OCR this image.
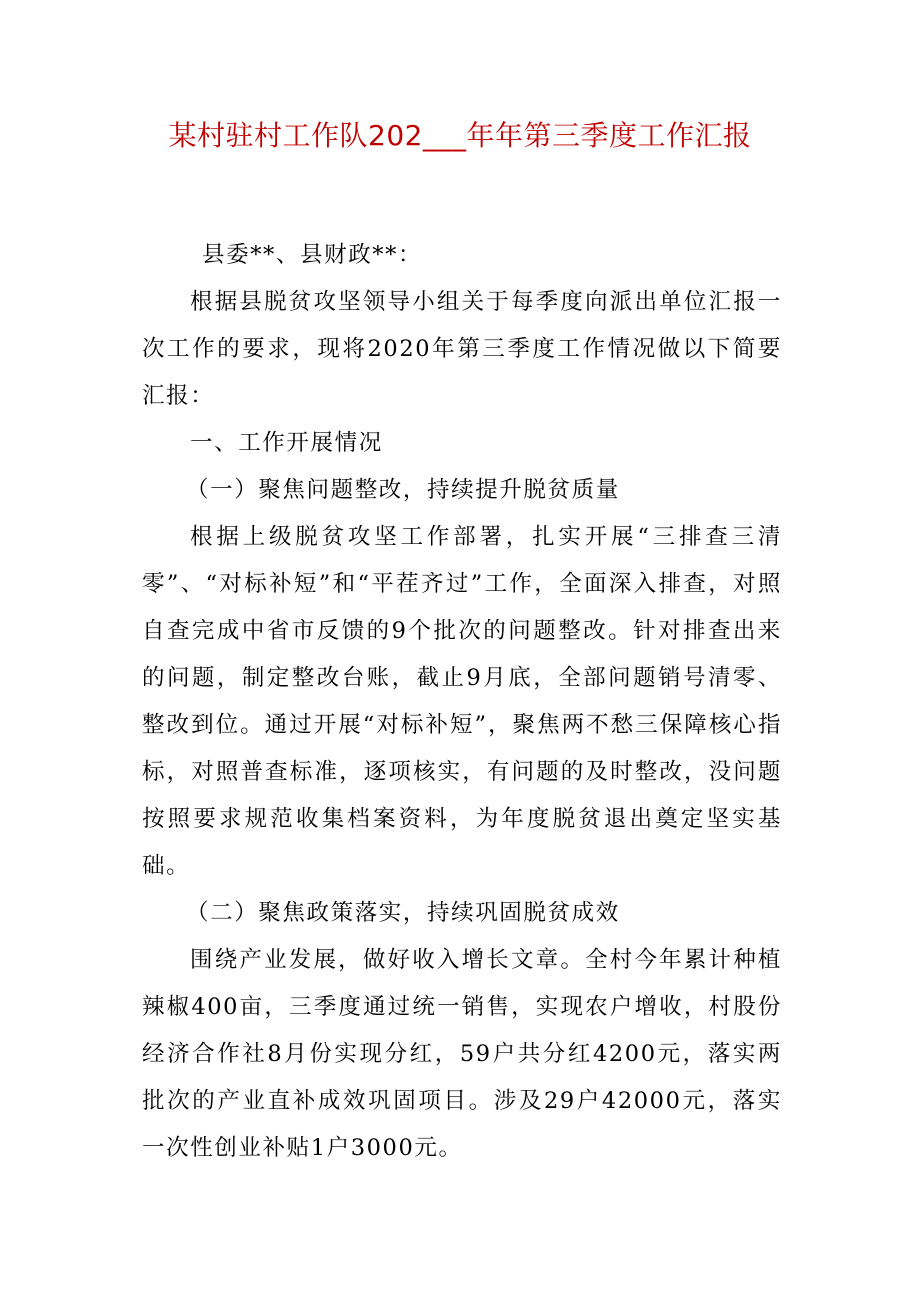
某村驻村工作队202___年年第三季度工作汇报

县委**、县财政**：

根据县脱贫攻坚领导小组关于每季度向派出单位汇报一次工作的要求，现将2020年第三季度工作情况做以下简要汇报：

一、工作开展情况

（一）聚焦问题整改，持续提升脱贫质量

根据上级脱贫攻坚工作部署，扎实开展“三排查三清零”、“对标补短”和“平茬齐过”工作，全面深入排查，对照自查完成中省市反馈的9个批次的问题整改。针对排查出来的问题，制定整改台账，截止9月底，全部问题销号清零、整改到位。通过开展“对标补短”，聚焦两不愁三保障核心指标，对照普查标准，逐项核实，有问题的及时整改，没问题按照要求规范收集档案资料，为年度脱贫退出奠定坚实基础。

（二）聚焦政策落实，持续巩固脱贫成效

围绕产业发展，做好收入增长文章。全村今年累计种植辣椒400亩，三季度通过统一销售，实现农户增收，村股份经济合作社8月份实现分红，59户共分红4200元，落实两批次的产业直补成效巩固项目。涉及29户42000元，落实一次性创业补贴1户3000元。
